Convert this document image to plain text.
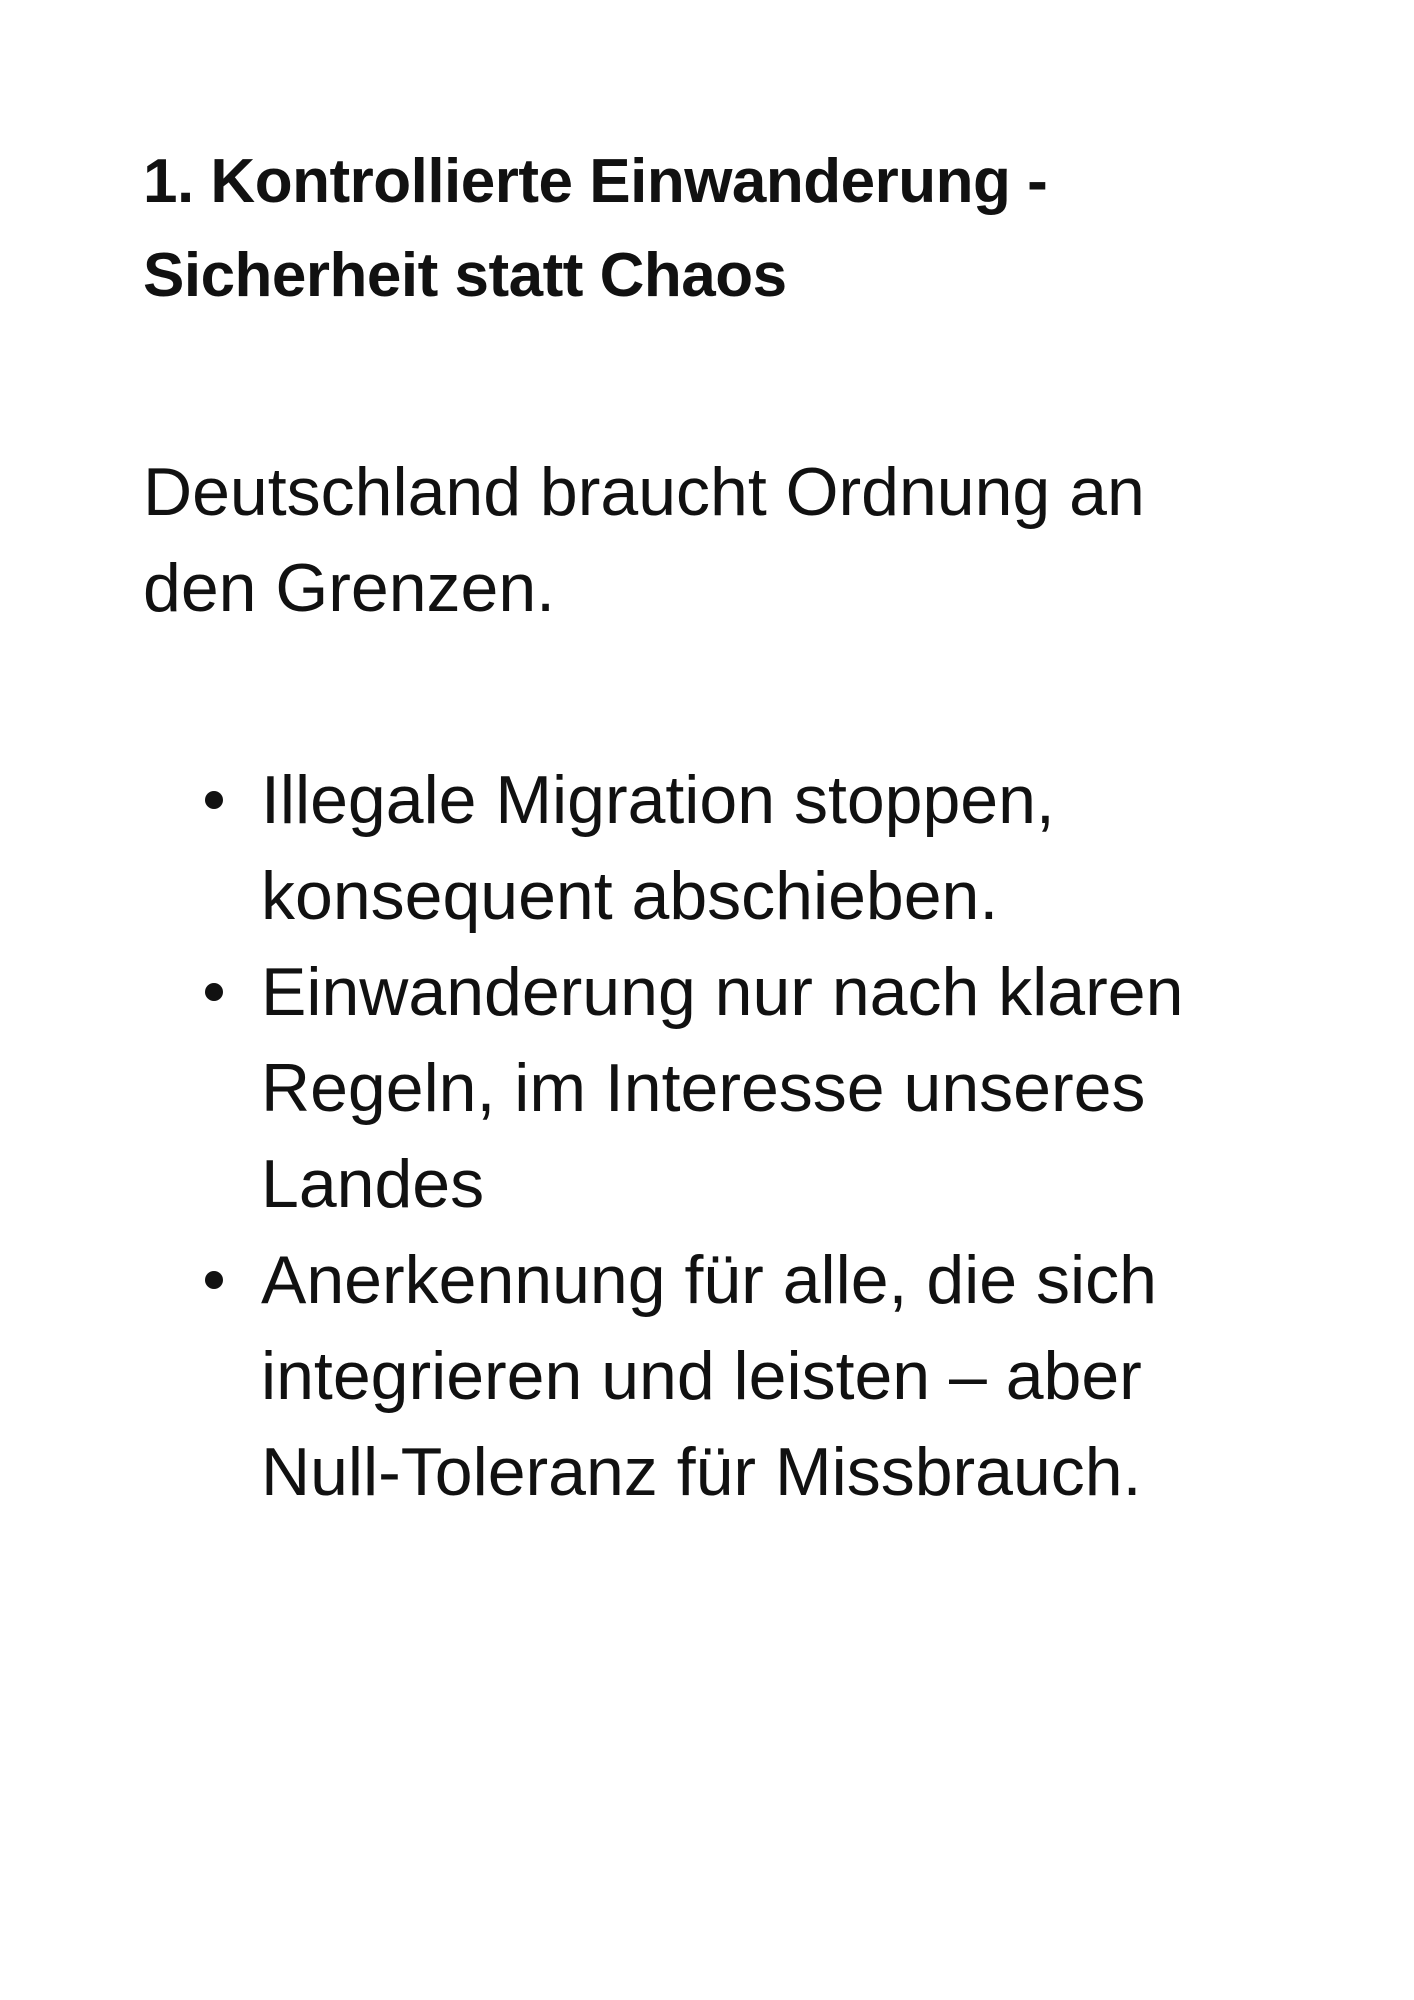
1. Kontrollierte Einwanderung -
Sicherheit statt Chaos

Deutschland braucht Ordnung an
den Grenzen.

Illegale Migration stoppen,
konsequent abschieben.
Einwanderung nur nach klaren
Regeln, im Interesse unseres
Landes
Anerkennung für alle, die sich
integrieren und leisten – aber
Null-Toleranz für Missbrauch.
